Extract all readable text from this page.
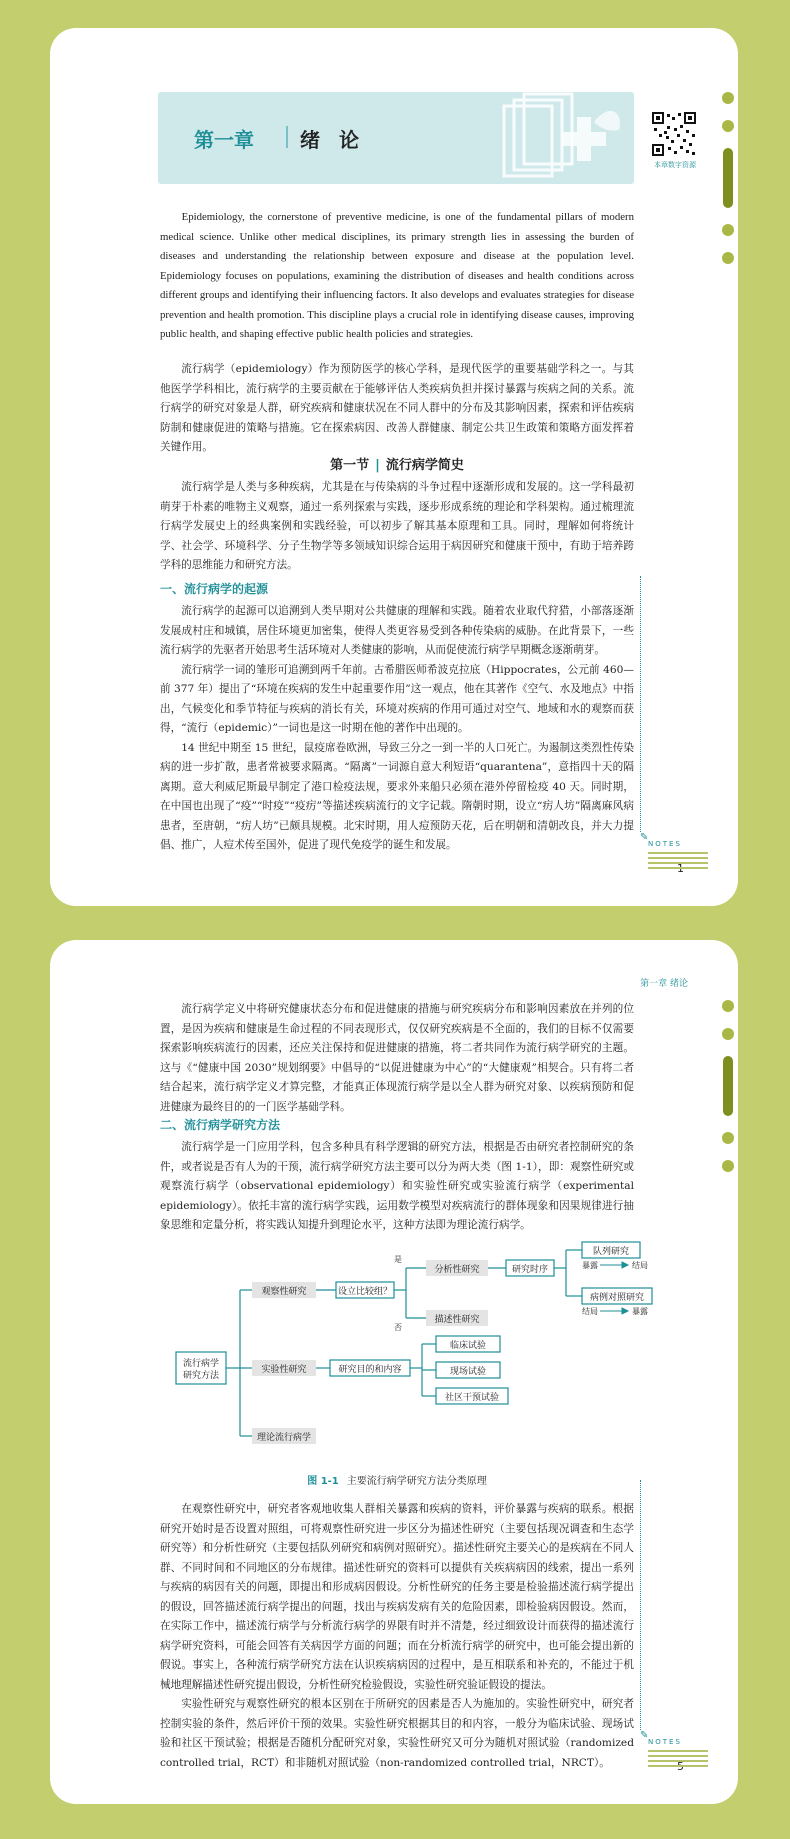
第一章 绪 论
本章数字资源

Epidemiology, the cornerstone of preventive medicine, is one of the fundamental pillars of modern medical science. Unlike other medical disciplines, its primary strength lies in assessing the burden of diseases and understanding the relationship between exposure and disease at the population level. Epidemiology focuses on populations, examining the distribution of diseases and health conditions across different groups and identifying their influencing factors. It also develops and evaluates strategies for disease prevention and health promotion. This discipline plays a crucial role in identifying disease causes, improving public health, and shaping effective public health policies and strategies.

流行病学（epidemiology）作为预防医学的核心学科，是现代医学的重要基础学科之一。与其他医学学科相比，流行病学的主要贡献在于能够评估人类疾病负担并探讨暴露与疾病之间的关系。流行病学的研究对象是人群，研究疾病和健康状况在不同人群中的分布及其影响因素，探索和评估疾病防制和健康促进的策略与措施。它在探索病因、改善人群健康、制定公共卫生政策和策略方面发挥着关键作用。

第一节 | 流行病学简史

流行病学是人类与多种疾病，尤其是在与传染病的斗争过程中逐渐形成和发展的。这一学科最初萌芽于朴素的唯物主义观察，通过一系列探索与实践，逐步形成系统的理论和学科架构。通过梳理流行病学发展史上的经典案例和实践经验，可以初步了解其基本原理和工具。同时，理解如何将统计学、社会学、环境科学、分子生物学等多领域知识综合运用于病因研究和健康干预中，有助于培养跨学科的思维能力和研究方法。

一、流行病学的起源

流行病学的起源可以追溯到人类早期对公共健康的理解和实践。随着农业取代狩猎，小部落逐渐发展成村庄和城镇，居住环境更加密集，使得人类更容易受到各种传染病的威胁。在此背景下，一些流行病学的先驱者开始思考生活环境对人类健康的影响，从而促使流行病学早期概念逐渐萌芽。

流行病学一词的雏形可追溯到两千年前。古希腊医师希波克拉底（Hippocrates，公元前 460—前 377 年）提出了“环境在疾病的发生中起重要作用”这一观点，他在其著作《空气、水及地点》中指出，气候变化和季节特征与疾病的消长有关，环境对疾病的作用可通过对空气、地域和水的观察而获得，“流行（epidemic）”一词也是这一时期在他的著作中出现的。

14 世纪中期至 15 世纪，鼠疫席卷欧洲，导致三分之一到一半的人口死亡。为遏制这类烈性传染病的进一步扩散，患者常被要求隔离。“隔离”一词源自意大利短语“quarantena”，意指四十天的隔离期。意大利威尼斯最早制定了港口检疫法规，要求外来船只必须在港外停留检疫 40 天。同时期，在中国也出现了“疫”“时疫”“疫疠”等描述疾病流行的文字记载。隋朝时期，设立“疠人坊”隔离麻风病患者，至唐朝，“疠人坊”已颇具规模。北宋时期，用人痘预防天花，后在明朝和清朝改良，并大力提倡、推广，人痘术传至国外，促进了现代免疫学的诞生和发展。

✎
NOTES
第一章 绪论

流行病学定义中将研究健康状态分布和促进健康的措施与研究疾病分布和影响因素放在并列的位置，是因为疾病和健康是生命过程的不同表现形式，仅仅研究疾病是不全面的，我们的目标不仅需要探索影响疾病流行的因素，还应关注保持和促进健康的措施，将二者共同作为流行病学研究的主题。这与《“健康中国 2030”规划纲要》中倡导的“以促进健康为中心”的“大健康观”相契合。只有将二者结合起来，流行病学定义才算完整，才能真正体现流行病学是以全人群为研究对象、以疾病预防和促进健康为最终目的的一门医学基础学科。

二、流行病学研究方法

流行病学是一门应用学科，包含多种具有科学逻辑的研究方法，根据是否由研究者控制研究的条件，或者说是否有人为的干预，流行病学研究方法主要可以分为两大类（图 1-1），即：观察性研究或观察流行病学（observational epidemiology）和实验性研究或实验流行病学（experimental epidemiology）。依托丰富的流行病学实践，运用数学模型对疾病流行的群体现象和因果规律进行抽象思维和定量分析，将实践认知提升到理论水平，这种方法即为理论流行病学。

流行病学
研究方法
观察性研究	设立比较组？
是
否
分析性研究	研究时序
队列研究
暴露	结局
病例对照研究
结局	暴露
描述性研究
实验性研究	研究目的和内容
临床试验
现场试验
社区干预试验
理论流行病学
图 1-1 主要流行病学研究方法分类原理

在观察性研究中，研究者客观地收集人群相关暴露和疾病的资料，评价暴露与疾病的联系。根据研究开始时是否设置对照组，可将观察性研究进一步区分为描述性研究（主要包括现况调查和生态学研究等）和分析性研究（主要包括队列研究和病例对照研究）。描述性研究主要关心的是疾病在不同人群、不同时间和不同地区的分布规律。描述性研究的资料可以提供有关疾病病因的线索，提出一系列与疾病的病因有关的问题，即提出和形成病因假设。分析性研究的任务主要是检验描述流行病学提出的假设，回答描述流行病学提出的问题，找出与疾病发病有关的危险因素，即检验病因假设。然而，在实际工作中，描述流行病学与分析流行病学的界限有时并不清楚，经过细致设计而获得的描述流行病学研究资料，可能会回答有关病因学方面的问题；而在分析流行病学的研究中，也可能会提出新的假说。事实上，各种流行病学研究方法在认识疾病病因的过程中，是互相联系和补充的，不能过于机械地理解描述性研究提出假设，分析性研究检验假设，实验性研究验证假设的提法。

实验性研究与观察性研究的根本区别在于所研究的因素是否人为施加的。实验性研究中，研究者控制实验的条件，然后评价干预的效果。实验性研究根据其目的和内容，一般分为临床试验、现场试验和社区干预试验；根据是否随机分配研究对象，实验性研究又可分为随机对照试验（randomized controlled trial，RCT）和非随机对照试验（non-randomized controlled trial，NRCT）。

✎
NOTES
